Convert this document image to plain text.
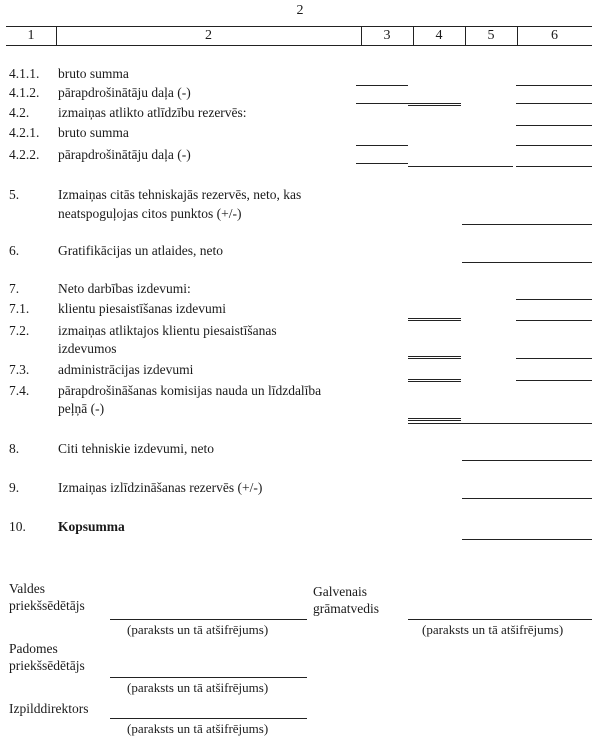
2
1	2	3	4	5	6
4.1.1. bruto summa
4.1.2. pārapdrošinātāju daļa (-)
4.2. izmaiņas atlikto atlīdzību rezervēs:
4.2.1. bruto summa
4.2.2. pārapdrošinātāju daļa (-)
5.	Izmaiņas citās tehniskajās rezervēs, neto, kas
neatspoguļojas citos punktos (+/-)
6.	Gratifikācijas un atlaides, neto
7.	Neto darbības izdevumi:
7.1. klientu piesaistīšanas izdevumi
7.2. izmaiņas atliktajos klientu piesaistīšanas
izdevumos
7.3. administrācijas izdevumi
7.4. pārapdrošināšanas komisijas nauda un līdzdalība
peļņā (-)
8.	Citi tehniskie izdevumi, neto
9.	Izmaiņas izlīdzināšanas rezervēs (+/-)
10. Kopsumma
Valdes
priekšsēdētājs
(paraksts un tā atšifrējums)
Galvenais
grāmatvedis
(paraksts un tā atšifrējums)
Padomes
priekšsēdētājs
(paraksts un tā atšifrējums)
Izpilddirektors
(paraksts un tā atšifrējums)
